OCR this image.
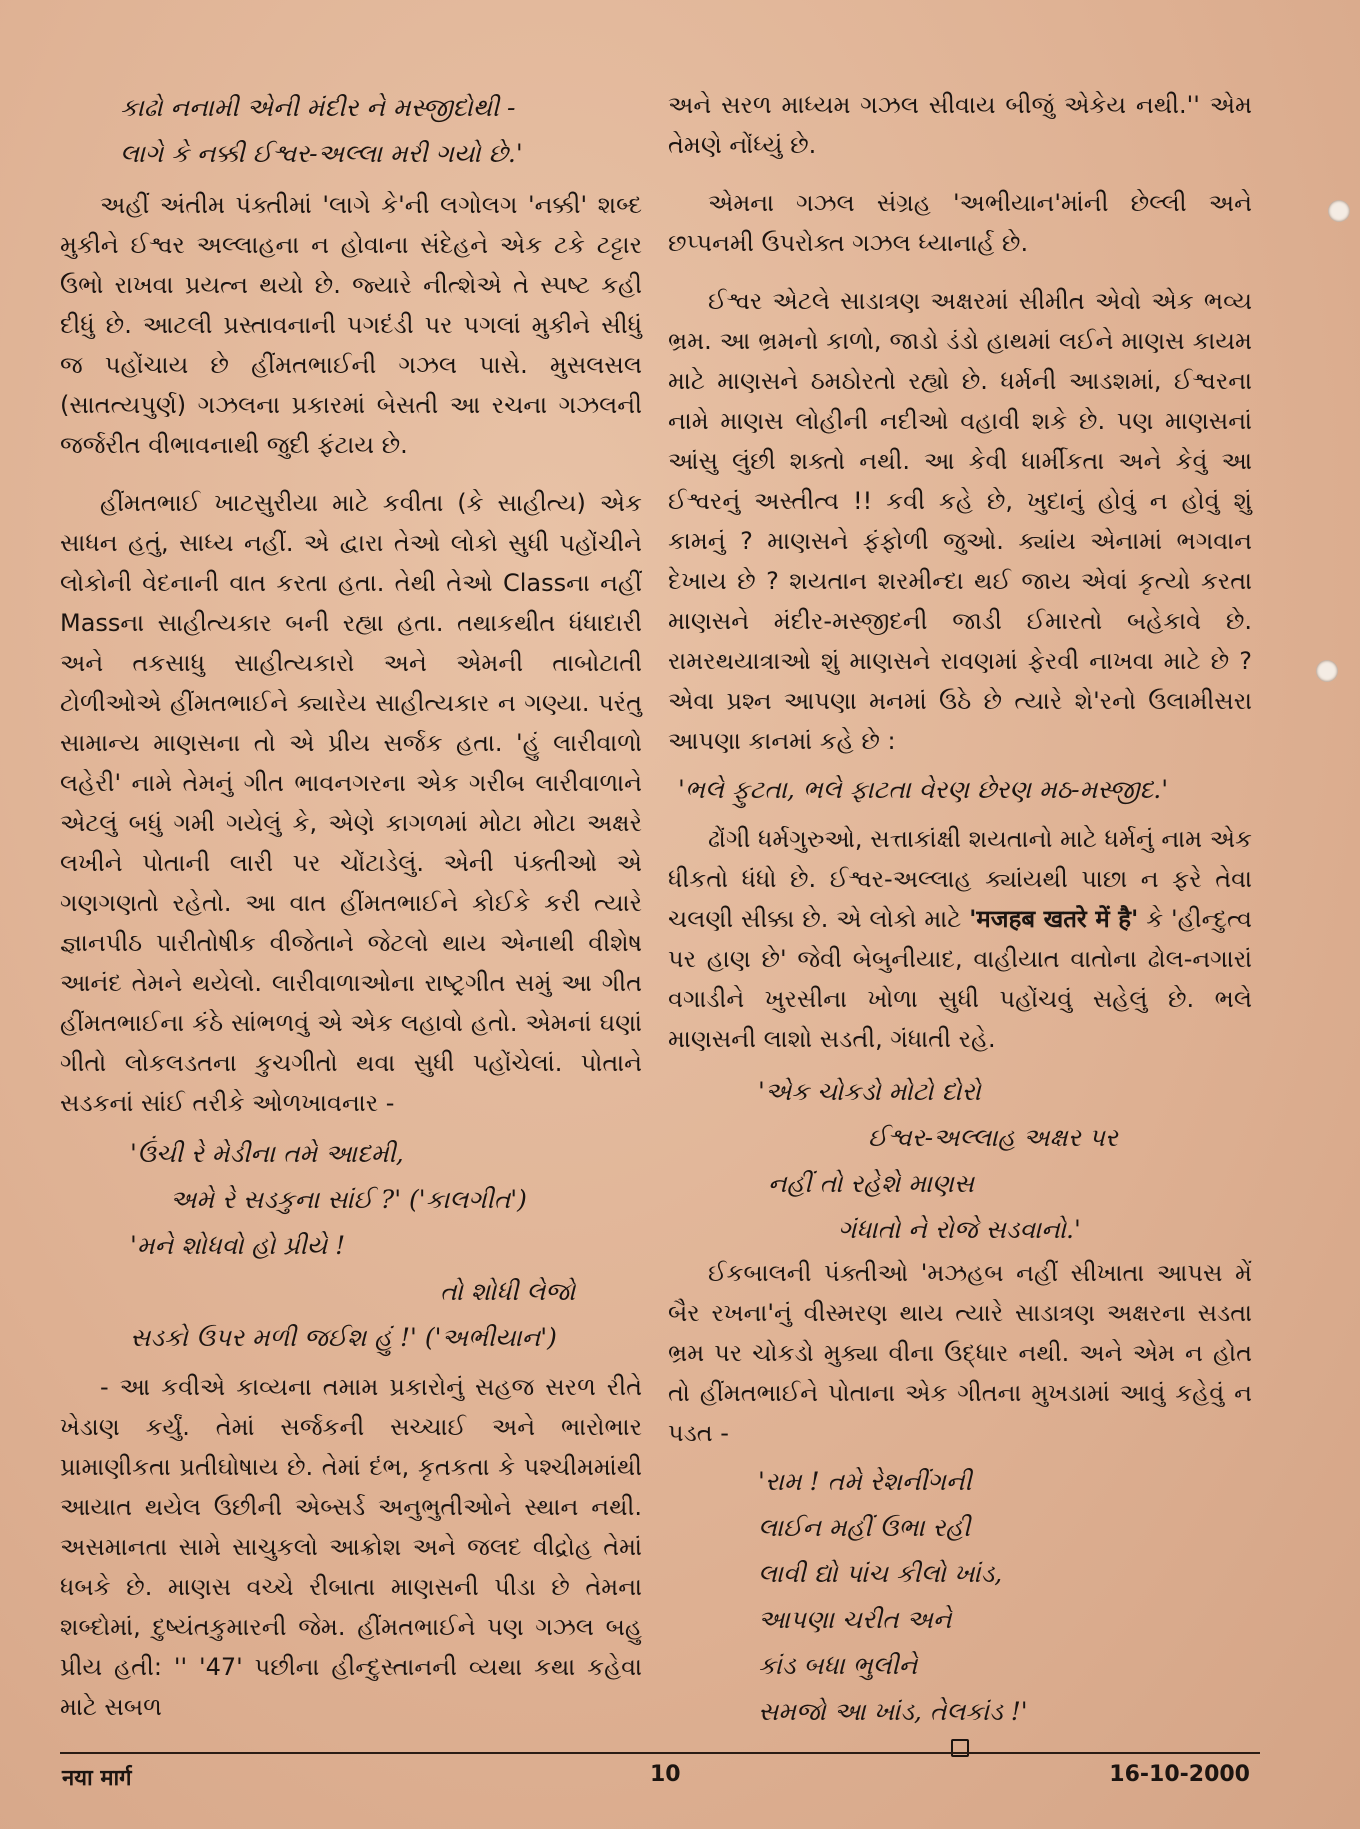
કાઢો નનામી એની મંદીર ને મસ્જીદોથી -

લાગે કે નક્કી ઈશ્વર-અલ્લા મરી ગયો છે.'

અહીં અંતીમ પંક્તીમાં 'લાગે કે'ની લગોલગ 'નક્કી' શબ્દ મુકીને ઈશ્વર અલ્લાહના ન હોવાના સંદેહને એક ટકે ટટ્ટાર ઉભો રાખવા પ્રયત્ન થયો છે. જ્યારે નીત્શેએ તે સ્પષ્ટ કહી દીધું છે. આટલી પ્રસ્તાવનાની પગદંડી પર પગલાં મુકીને સીધું જ પહોંચાય છે હીંમતભાઈની ગઝલ પાસે. મુસલસલ (સાતત્યપુર્ણ) ગઝલના પ્રકારમાં બેસતી આ રચના ગઝલની જર્જરીત વીભાવનાથી જુદી ફંટાય છે.

હીંમતભાઈ ખાટસુરીયા માટે કવીતા (કે સાહીત્ય) એક સાધન હતું, સાધ્ય નહીં. એ દ્વારા તેઓ લોકો સુધી પહોંચીને લોકોની વેદનાની વાત કરતા હતા. તેથી તેઓ Classના નહીં Massના સાહીત્યકાર બની રહ્યા હતા. તથાકથીત ધંધાદારી અને તકસાધુ સાહીત્યકારો અને એમની તાબોટાતી ટોળીઓએ હીંમતભાઈને ક્યારેય સાહીત્યકાર ન ગણ્યા. પરંતુ સામાન્ય માણસના તો એ પ્રીય સર્જક હતા. 'હું લારીવાળો લહેરી' નામે તેમનું ગીત ભાવનગરના એક ગરીબ લારીવાળાને એટલું બધું ગમી ગયેલું કે, એણે કાગળમાં મોટા મોટા અક્ષરે લખીને પોતાની લારી પર ચોંટાડેલું. એની પંક્તીઓ એ ગણગણતો રહેતો. આ વાત હીંમતભાઈને કોઈકે કરી ત્યારે જ્ઞાનપીઠ પારીતોષીક વીજેતાને જેટલો થાય એનાથી વીશેષ આનંદ તેમને થયેલો. લારીવાળાઓના રાષ્ટ્રગીત સમું આ ગીત હીંમતભાઈના કંઠે સાંભળવું એ એક લહાવો હતો. એમનાં ઘણાં ગીતો લોકલડતના કુચગીતો થવા સુધી પહોંચેલાં. પોતાને સડકનાં સાંઈ તરીકે ઓળખાવનાર -

'ઉંચી રે મેડીના તમે આદમી,

અમે રે સડકુના સાંઈ ?' ('કાલગીત')

'મને શોધવો હો પ્રીયે !

તો શોધી લેજો

સડકો ઉપર મળી જઈશ હું !' ('અભીયાન')

- આ કવીએ કાવ્યના તમામ પ્રકારોનું સહજ સરળ રીતે ખેડાણ કર્યું. તેમાં સર્જકની સચ્ચાઈ અને ભારોભાર પ્રામાણીકતા પ્રતીઘોષાય છે. તેમાં દંભ, કૃતકતા કે પશ્ચીમમાંથી આયાત થયેલ ઉછીની એબ્સર્ડ અનુભુતીઓને સ્થાન નથી. અસમાનતા સામે સાચુકલો આક્રોશ અને જલદ વીદ્રોહ તેમાં ધબકે છે. માણસ વચ્ચે રીબાતા માણસની પીડા છે તેમના શબ્દોમાં, દુષ્યંતકુમારની જેમ. હીંમતભાઈને પણ ગઝલ બહુ પ્રીય હતી: '' '47' પછીના હીન્દુસ્તાનની વ્યથા કથા કહેવા માટે સબળ

અને સરળ માધ્યમ ગઝલ સીવાય બીજું એકેય નથી.'' એમ તેમણે નોંધ્યું છે.

એમના ગઝલ સંગ્રહ 'અભીયાન'માંની છેલ્લી અને છપ્પનમી ઉપરોક્ત ગઝલ ધ્યાનાર્હ છે.

ઈશ્વર એટલે સાડાત્રણ અક્ષરમાં સીમીત એવો એક ભવ્ય ભ્રમ. આ ભ્રમનો કાળો, જાડો ડંડો હાથમાં લઈને માણસ કાયમ માટે માણસને ઠમઠોરતો રહ્યો છે. ધર્મની આડશમાં, ઈશ્વરના નામે માણસ લોહીની નદીઓ વહાવી શકે છે. પણ માણસનાં આંસુ લુંછી શક્તો નથી. આ કેવી ધાર્મીકતા અને કેવું આ ઈશ્વરનું અસ્તીત્વ !! કવી કહે છે, ખુદાનું હોવું ન હોવું શું કામનું ? માણસને ફંફોળી જુઓ. ક્યાંય એનામાં ભગવાન દેખાય છે ? શયતાન શરમીન્દા થઈ જાય એવાં કૃત્યો કરતા માણસને મંદીર-મસ્જીદની જાડી ઈમારતો બહેકાવે છે. રામરથયાત્રાઓ શું માણસને રાવણમાં ફેરવી નાખવા માટે છે ? એવા પ્રશ્ન આપણા મનમાં ઉઠે છે ત્યારે શે'રનો ઉલામીસરા આપણા કાનમાં કહે છે :

'ભલે ફુટતા, ભલે ફાટતા વેરણ છેરણ મઠ-મસ્જીદ.'

ઢોંગી ધર્મગુરુઓ, સત્તાકાંક્ષી શયતાનો માટે ધર્મનું નામ એક ધીકતો ધંધો છે. ઈશ્વર-અલ્લાહ ક્યાંયથી પાછા ન ફરે તેવા ચલણી સીક્કા છે. એ લોકો માટે 'मजहब खतरे में है' કે 'હીન્દુત્વ પર હાણ છે' જેવી બેબુનીયાદ, વાહીયાત વાતોના ઢોલ-નગારાં વગાડીને ખુરસીના ખોળા સુધી પહોંચવું સહેલું છે. ભલે માણસની લાશો સડતી, ગંધાતી રહે.

'એક ચોકડો મોટો દોરો

ઈશ્વર-અલ્લાહ અક્ષર પર

નહીં તો રહેશે માણસ

ગંધાતો ને રોજે સડવાનો.'

ઈકબાલની પંક્તીઓ 'મઝહબ નહીં સીખાતા આપસ મેં બૈર રખના'નું વીસ્મરણ થાય ત્યારે સાડાત્રણ અક્ષરના સડતા ભ્રમ પર ચોકડો મુક્યા વીના ઉદ્ધાર નથી. અને એમ ન હોત તો હીંમતભાઈને પોતાના એક ગીતના મુખડામાં આવું કહેવું ન પડત -

'રામ ! તમે રેશનીંગની

લાઈન મહીં ઉભા રહી

લાવી દ્યો પાંચ કીલો ખાંડ,

આપણા ચરીત અને

કાંડ બધા ભુલીને

સમજો આ ખાંડ, તેલકાંડ !'

नया मार्ग	10	16-10-2000
